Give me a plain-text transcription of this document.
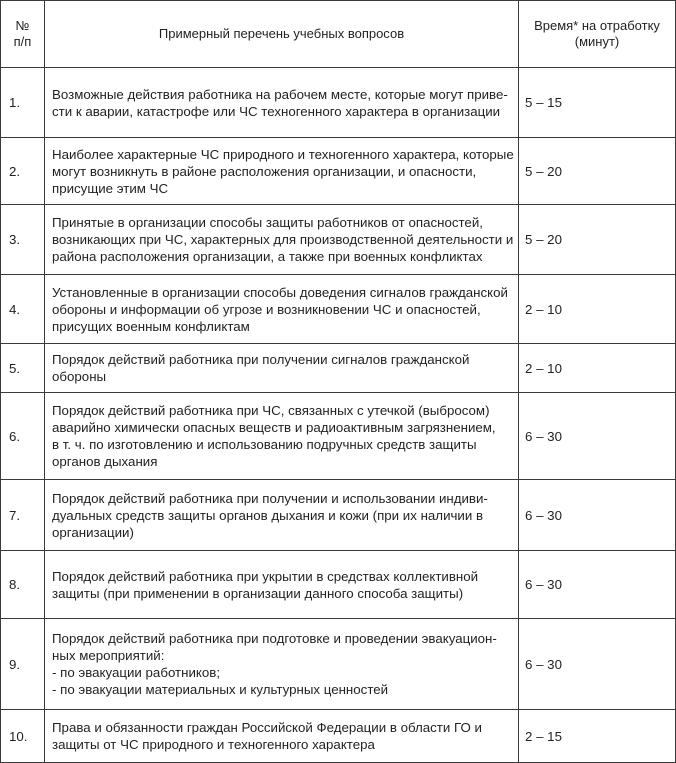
№
п/п	Примерный перечень учебных вопросов	Время* на отработку
(минут)

1.	Возможные действия работника на рабочем месте, которые могут приве-
сти к аварии, катастрофе или ЧС техногенного характера в организации	5 – 15
2.	Наиболее характерные ЧС природного и техногенного характера, которые
могут возникнуть в районе расположения организации, и опасности,
присущие этим ЧС	5 – 20
3.	Принятые в организации способы защиты работников от опасностей,
возникающих при ЧС, характерных для производственной деятельности и
района расположения организации, а также при военных конфликтах	5 – 20
4.	Установленные в организации способы доведения сигналов гражданской
обороны и информации об угрозе и возникновении ЧС и опасностей,
присущих военным конфликтам	2 – 10
5.	Порядок действий работника при получении сигналов гражданской
обороны	2 – 10
6.	Порядок действий работника при ЧС, связанных с утечкой (выбросом)
аварийно химически опасных веществ и радиоактивным загрязнением,
в т. ч. по изготовлению и использованию подручных средств защиты
органов дыхания	6 – 30
7.	Порядок действий работника при получении и использовании индиви-
дуальных средств защиты органов дыхания и кожи (при их наличии в
организации)	6 – 30
8.	Порядок действий работника при укрытии в средствах коллективной
защиты (при применении в организации данного способа защиты)	6 – 30
9.	Порядок действий работника при подготовке и проведении эвакуацион-
ных мероприятий:
- по эвакуации работников;
- по эвакуации материальных и культурных ценностей	6 – 30
10.	Права и обязанности граждан Российской Федерации в области ГО и
защиты от ЧС природного и техногенного характера	2 – 15
